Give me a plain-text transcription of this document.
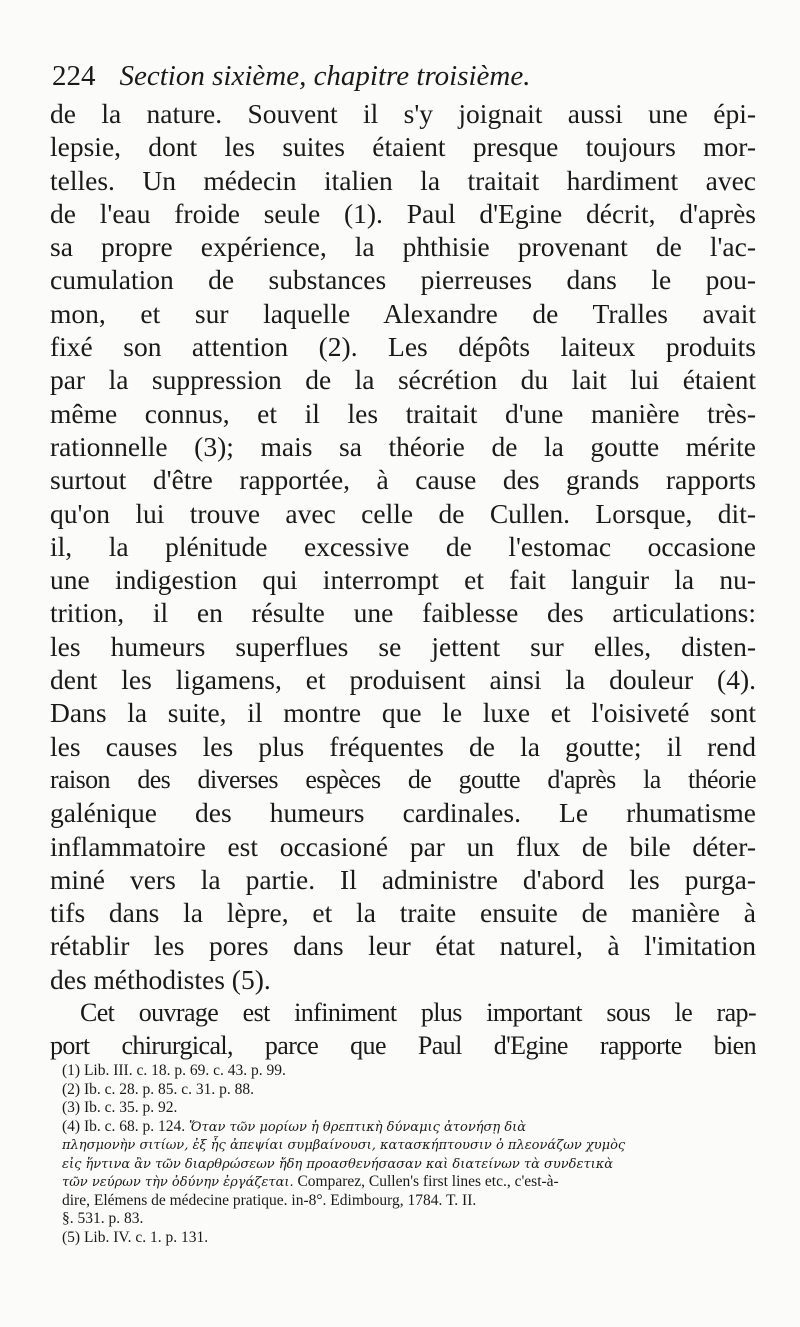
224 Section sixième, chapitre troisième.
de la nature. Souvent il s'y joignait aussi une épi-
lepsie, dont les suites étaient presque toujours mor-
telles. Un médecin italien la traitait hardiment avec
de l'eau froide seule (1). Paul d'Egine décrit, d'après
sa propre expérience, la phthisie provenant de l'ac-
cumulation de substances pierreuses dans le pou-
mon, et sur laquelle Alexandre de Tralles avait
fixé son attention (2). Les dépôts laiteux produits
par la suppression de la sécrétion du lait lui étaient
même connus, et il les traitait d'une manière très-
rationnelle (3); mais sa théorie de la goutte mérite
surtout d'être rapportée, à cause des grands rapports
qu'on lui trouve avec celle de Cullen. Lorsque, dit-
il, la plénitude excessive de l'estomac occasione
une indigestion qui interrompt et fait languir la nu-
trition, il en résulte une faiblesse des articulations:
les humeurs superflues se jettent sur elles, disten-
dent les ligamens, et produisent ainsi la douleur (4).
Dans la suite, il montre que le luxe et l'oisiveté sont
les causes les plus fréquentes de la goutte; il rend
raison des diverses espèces de goutte d'après la théorie
galénique des humeurs cardinales. Le rhumatisme
inflammatoire est occasioné par un flux de bile déter-
miné vers la partie. Il administre d'abord les purga-
tifs dans la lèpre, et la traite ensuite de manière à
rétablir les pores dans leur état naturel, à l'imitation
des méthodistes (5).
Cet ouvrage est infiniment plus important sous le rap-
port chirurgical, parce que Paul d'Egine rapporte bien
(1) Lib. III. c. 18. p. 69. c. 43. p. 99.
(2) Ib. c. 28. p. 85. c. 31. p. 88.
(3) Ib. c. 35. p. 92.
(4) Ib. c. 68. p. 124. Ὅταν τῶν μορίων ἡ θρεπτικὴ δύναμις ἀτονήσῃ διὰ
πλησμονὴν σιτίων, ἐξ ἧς ἀπεψίαι συμβαίνουσι, κατασκήπτουσιν ὁ πλεονάζων χυμὸς
εἰς ἥντινα ἂν τῶν διαρθρώσεων ἤδη προασθενήσασαν καὶ διατείνων τὰ συνδετικὰ
τῶν νεύρων τὴν ὀδύνην ἐργάζεται. Comparez, Cullen's first lines etc., c'est-à-
dire, Elémens de médecine pratique. in-8°. Edimbourg, 1784. T. II.
§. 531. p. 83.
(5) Lib. IV. c. 1. p. 131.
